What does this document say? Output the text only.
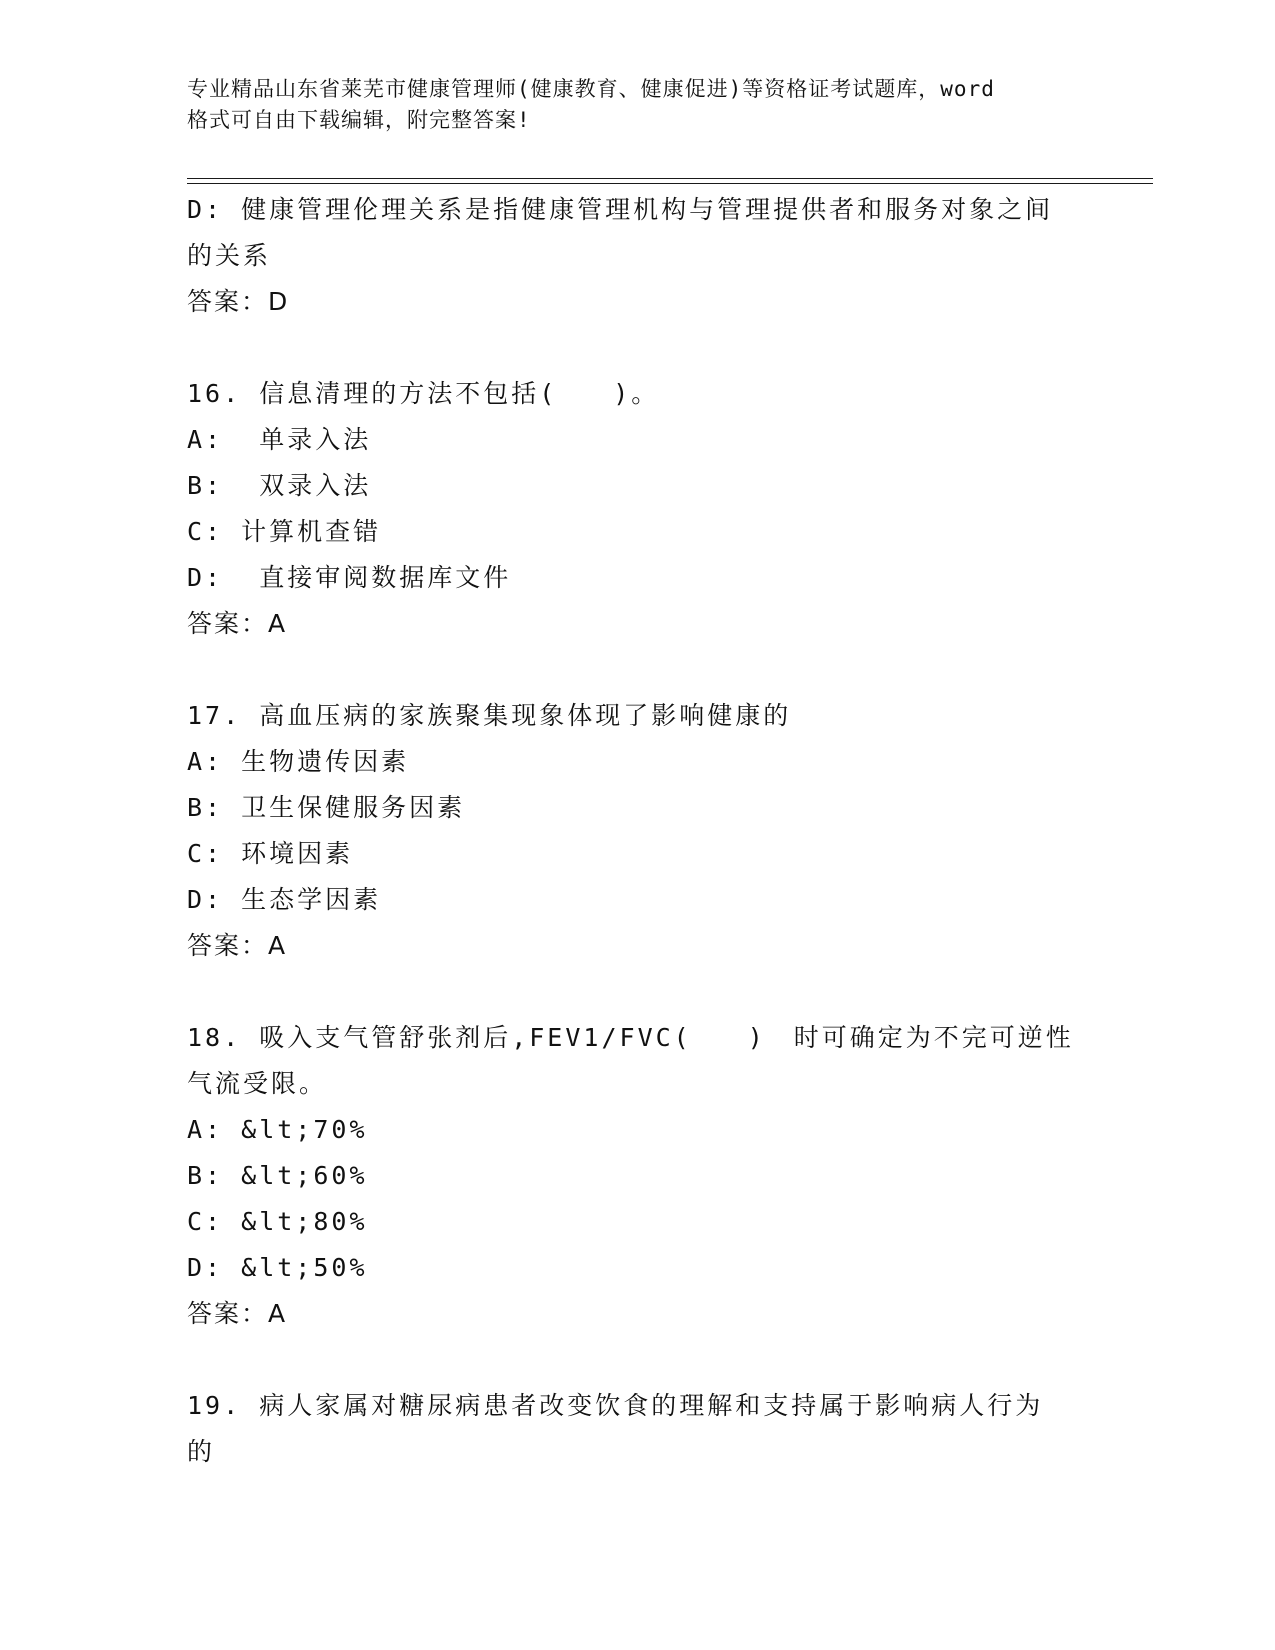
专业精品山东省莱芜市健康管理师(健康教育、健康促进)等资格证考试题库，word
格式可自由下载编辑，附完整答案!
D: 健康管理伦理关系是指健康管理机构与管理提供者和服务对象之间
的关系
答案：D
16. 信息清理的方法不包括(　　)。
A:  单录入法
B:  双录入法
C: 计算机查错
D:  直接审阅数据库文件
答案：A
17. 高血压病的家族聚集现象体现了影响健康的
A: 生物遗传因素
B: 卫生保健服务因素
C: 环境因素
D: 生态学因素
答案：A
18. 吸入支气管舒张剂后,FEV1/FVC(　　)　时可确定为不完可逆性
气流受限。
A: &lt;70%
B: &lt;60%
C: &lt;80%
D: &lt;50%
答案：A
19. 病人家属对糖尿病患者改变饮食的理解和支持属于影响病人行为
的
